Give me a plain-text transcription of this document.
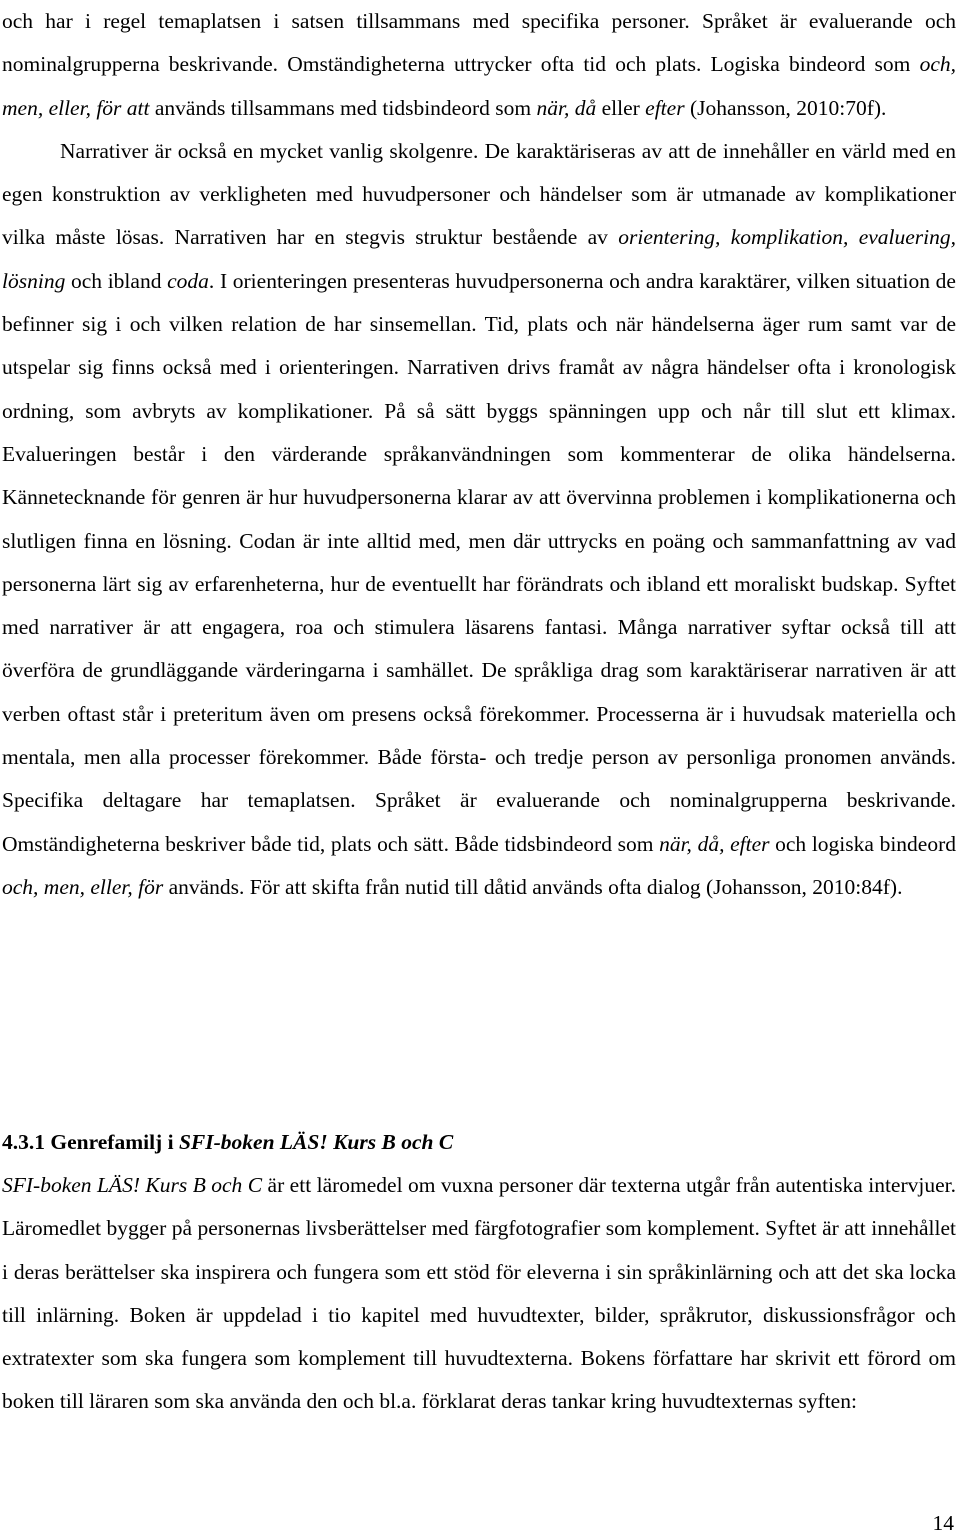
och har i regel temaplatsen i satsen tillsammans med specifika personer. Språket är evaluerande och nominalgrupperna beskrivande. Omständigheterna uttrycker ofta tid och plats. Logiska bindeord som och, men, eller, för att används tillsammans med tidsbindeord som när, då eller efter (Johansson, 2010:70f).

Narrativer är också en mycket vanlig skolgenre. De karaktäriseras av att de innehåller en värld med en egen konstruktion av verkligheten med huvudpersoner och händelser som är utmanade av komplikationer vilka måste lösas. Narrativen har en stegvis struktur bestående av orientering, komplikation, evaluering, lösning och ibland coda. I orienteringen presenteras huvudpersonerna och andra karaktärer, vilken situation de befinner sig i och vilken relation de har sinsemellan. Tid, plats och när händelserna äger rum samt var de utspelar sig finns också med i orienteringen. Narrativen drivs framåt av några händelser ofta i kronologisk ordning, som avbryts av komplikationer. På så sätt byggs spänningen upp och når till slut ett klimax. Evalueringen består i den värderande språkanvändningen som kommenterar de olika händelserna. Kännetecknande för genren är hur huvudpersonerna klarar av att övervinna problemen i komplikationerna och slutligen finna en lösning. Codan är inte alltid med, men där uttrycks en poäng och sammanfattning av vad personerna lärt sig av erfarenheterna, hur de eventuellt har förändrats och ibland ett moraliskt budskap. Syftet med narrativer är att engagera, roa och stimulera läsarens fantasi. Många narrativer syftar också till att överföra de grundläggande värderingarna i samhället. De språkliga drag som karaktäriserar narrativen är att verben oftast står i preteritum även om presens också förekommer. Processerna är i huvudsak materiella och mentala, men alla processer förekommer. Både första- och tredje person av personliga pronomen används. Specifika deltagare har temaplatsen. Språket är evaluerande och nominalgrupperna beskrivande. Omständigheterna beskriver både tid, plats och sätt. Både tidsbindeord som när, då, efter och logiska bindeord och, men, eller, för används. För att skifta från nutid till dåtid används ofta dialog (Johansson, 2010:84f).

4.3.1 Genrefamilj i SFI-boken LÄS! Kurs B och C

SFI-boken LÄS! Kurs B och C är ett läromedel om vuxna personer där texterna utgår från autentiska intervjuer. Läromedlet bygger på personernas livsberättelser med färgfotografier som komplement. Syftet är att innehållet i deras berättelser ska inspirera och fungera som ett stöd för eleverna i sin språkinlärning och att det ska locka till inlärning. Boken är uppdelad i tio kapitel med huvudtexter, bilder, språkrutor, diskussionsfrågor och extratexter som ska fungera som komplement till huvudtexterna. Bokens författare har skrivit ett förord om boken till läraren som ska använda den och bl.a. förklarat deras tankar kring huvudtexternas syften:

14
